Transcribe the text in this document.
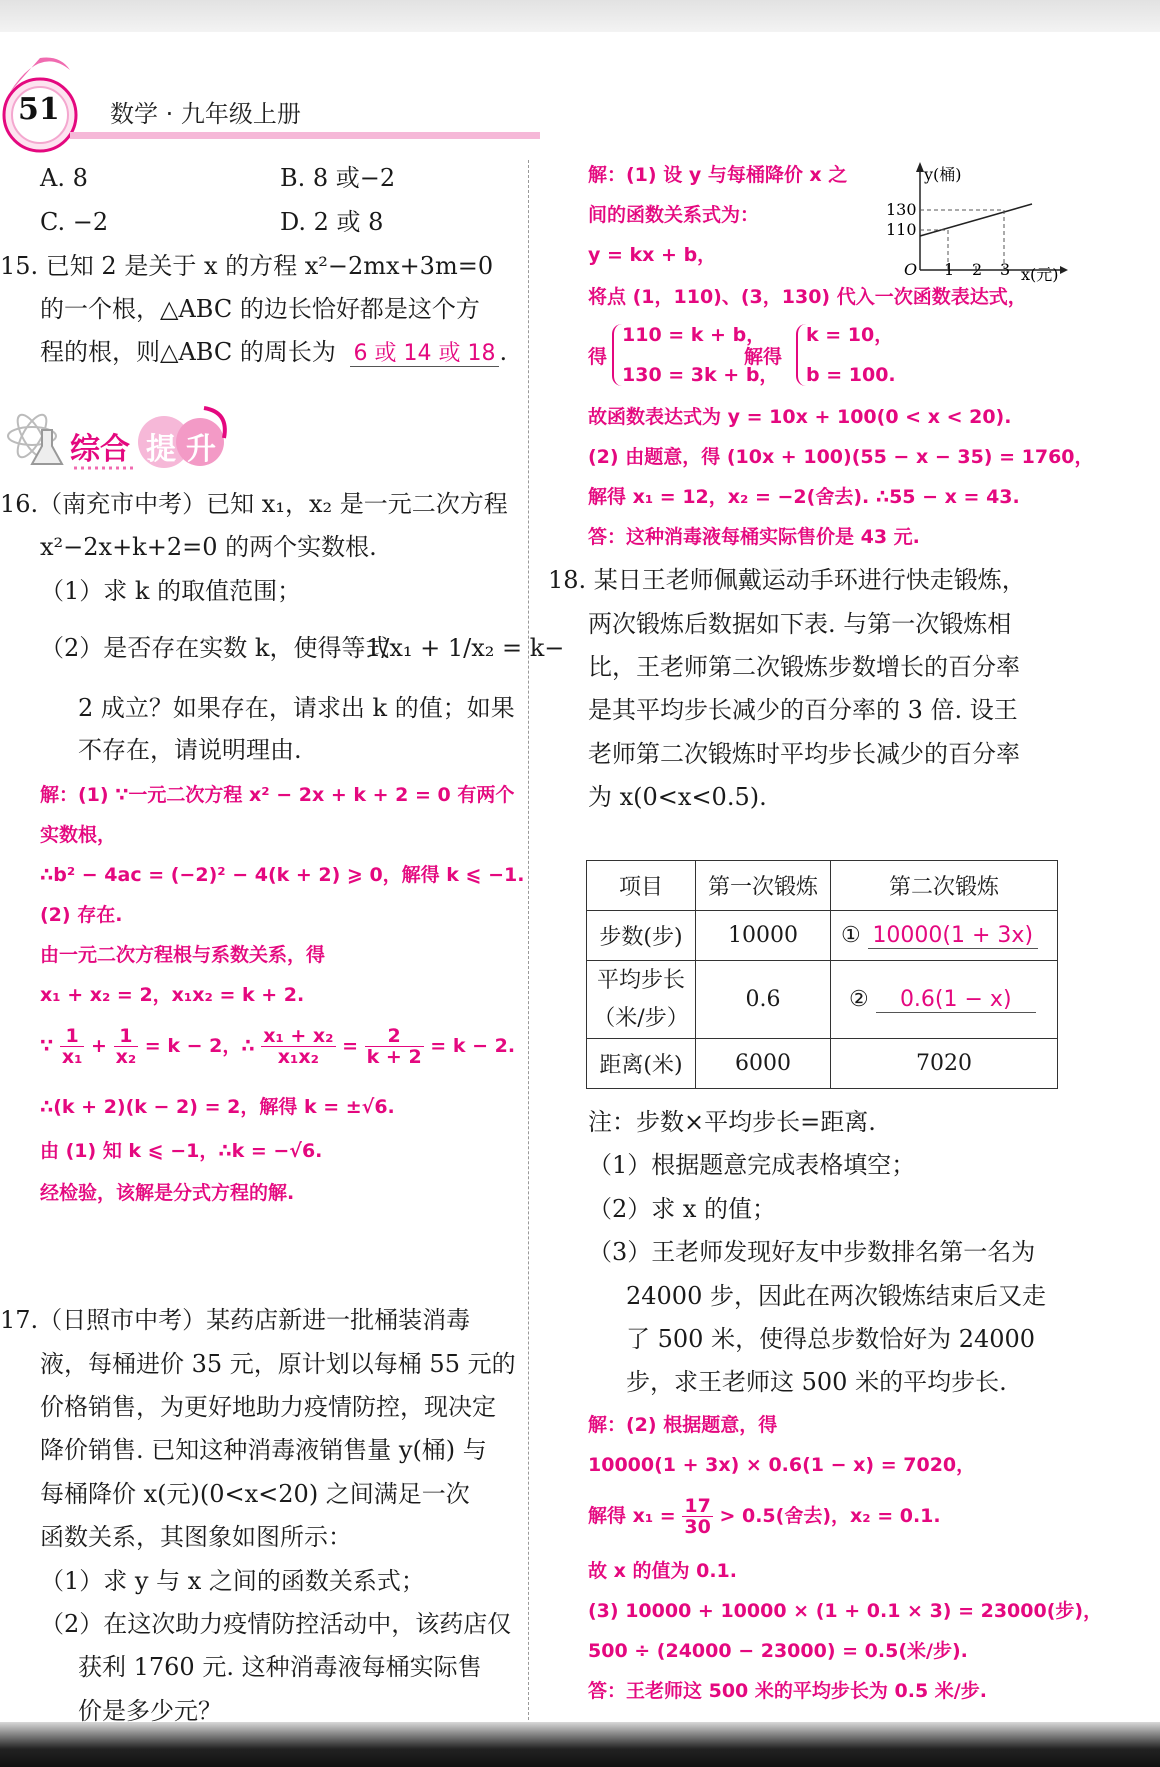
51 数学 · 九年级上册
A. 8	B. 8 或−2
C. −2	D. 2 或 8
15. 已知 2 是关于 x 的方程 x²−2mx+3m=0
的一个根，△ABC 的边长恰好都是这个方
程的根，则△ABC 的周长为 6 或 14 或 18 .
综合 提 升
16.（南充市中考）已知 x₁，x₂ 是一元二次方程
x²−2x+k+2=0 的两个实数根.
（1）求 k 的取值范围；
（2）是否存在实数 k，使得等式
1/x₁ + 1/x₂ = k−
2 成立？如果存在，请求出 k 的值；如果
不存在，请说明理由.
解：(1) ∵一元二次方程 x² − 2x + k + 2 = 0 有两个
实数根，
∴b² − 4ac = (−2)² − 4(k + 2) ⩾ 0，解得 k ⩽ −1.
(2) 存在.
由一元二次方程根与系数关系，得
x₁ + x₂ = 2，x₁x₂ = k + 2.
∵ $\frac{1}{\text{x₁}} + \frac{1}{\text{x₂}} = k - 2$，∴ $\frac{\text{x₁ + x₂}}{\text{x₁x₂}} = \frac{2}{k + 2} = k - 2$.
∴(k + 2)(k − 2) = 2，解得 k = ±√6.
由 (1) 知 k ⩽ −1，∴k = −√6.
经检验，该解是分式方程的解.
17.（日照市中考）某药店新进一批桶装消毒
液，每桶进价 35 元，原计划以每桶 55 元的
价格销售，为更好地助力疫情防控，现决定
降价销售. 已知这种消毒液销售量 y(桶) 与
每桶降价 x(元)(0<x<20) 之间满足一次
函数关系，其图象如图所示：
（1）求 y 与 x 之间的函数关系式；
（2）在这次助力疫情防控活动中，该药店仅
获利 1760 元. 这种消毒液每桶实际售
价是多少元？
解：(1) 设 y 与每桶降价 x 之
间的函数关系式为：
y = kx + b，
y(桶)
x(元)
O
130
110
1 2 3
将点 (1，110)、(3，130) 代入一次函数表达式，
得
110 = k + b，
130 = 3k + b，
解得
k = 10，
b = 100.
故函数表达式为 y = 10x + 100(0 < x < 20).
(2) 由题意，得 (10x + 100)(55 − x − 35) = 1760，
解得 x₁ = 12，x₂ = −2(舍去). ∴55 − x = 43.
答：这种消毒液每桶实际售价是 43 元.
18. 某日王老师佩戴运动手环进行快走锻炼，
两次锻炼后数据如下表. 与第一次锻炼相
比，王老师第二次锻炼步数增长的百分率
是其平均步长减少的百分率的 3 倍. 设王
老师第二次锻炼时平均步长减少的百分率
为 x(0<x<0.5).
项目	第一次锻炼	第二次锻炼
步数(步)	10000	① 10000(1 + 3x)
平均步长
（米/步）	0.6	② 0.6(1 − x)
距离(米)	6000	7020
注：步数×平均步长=距离.
（1）根据题意完成表格填空；
（2）求 x 的值；
（3）王老师发现好友中步数排名第一名为
24000 步，因此在两次锻炼结束后又走
了 500 米，使得总步数恰好为 24000
步，求王老师这 500 米的平均步长.
解：(2) 根据题意，得
10000(1 + 3x) × 0.6(1 − x) = 7020，
解得 $x_1 = \frac{17}{30} > 0.5$(舍去)，x₂ = 0.1.
故 x 的值为 0.1.
(3) 10000 + 10000 × (1 + 0.1 × 3) = 23000(步)，
500 ÷ (24000 − 23000) = 0.5(米/步).
答：王老师这 500 米的平均步长为 0.5 米/步.
